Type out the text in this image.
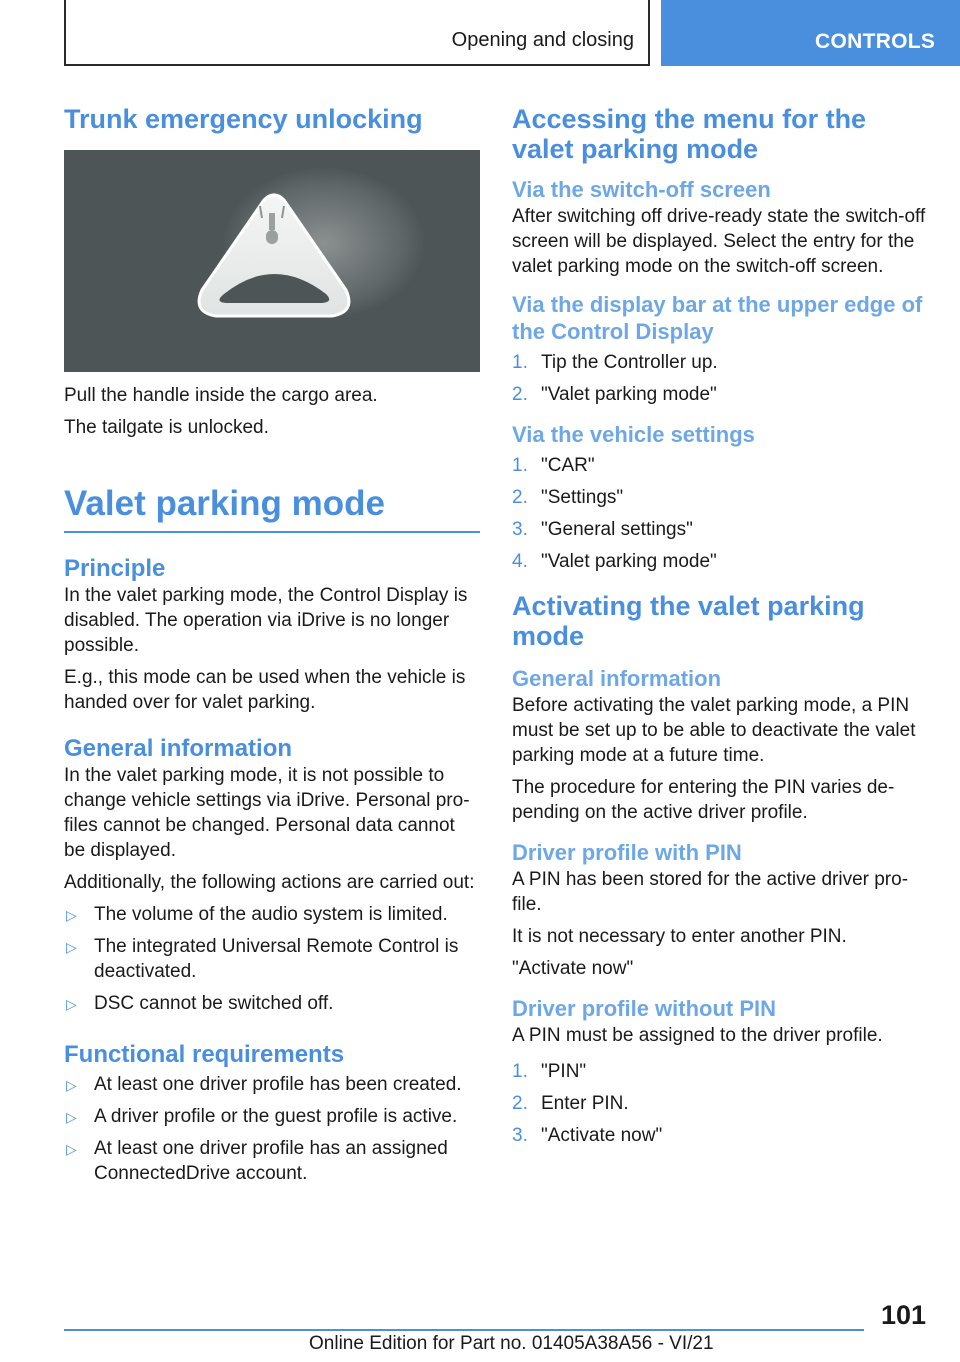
Opening and closing	CONTROLS
Trunk emergency unlocking

Pull the handle inside the cargo area.

The tailgate is unlocked.

Valet parking mode
Principle

In the valet parking mode, the Control Display is disabled. The operation via iDrive is no longer possible.

E.g., this mode can be used when the vehicle is handed over for valet parking.

General information

In the valet parking mode, it is not possible to change vehicle settings via iDrive. Personal pro-files cannot be changed. Personal data cannot be displayed.

Additionally, the following actions are carried out:

▷ The volume of the audio system is limited.
▷ The integrated Universal Remote Control is deactivated.
▷ DSC cannot be switched off.
Functional requirements
▷ At least one driver profile has been created.
▷ A driver profile or the guest profile is active.
▷ At least one driver profile has an assigned ConnectedDrive account.
Accessing the menu for the valet parking mode
Via the switch-off screen

After switching off drive-ready state the switch-off screen will be displayed. Select the entry for the valet parking mode on the switch-off screen.

Via the display bar at the upper edge of the Control Display
1. Tip the Controller up.
2. "Valet parking mode"
Via the vehicle settings
1. "CAR"
2. "Settings"
3. "General settings"
4. "Valet parking mode"
Activating the valet parking mode
General information

Before activating the valet parking mode, a PIN must be set up to be able to deactivate the valet parking mode at a future time.

The procedure for entering the PIN varies de-pending on the active driver profile.

Driver profile with PIN

A PIN has been stored for the active driver pro-file.

It is not necessary to enter another PIN.

"Activate now"

Driver profile without PIN

A PIN must be assigned to the driver profile.

1. "PIN"
2. Enter PIN.
3. "Activate now"
101
Online Edition for Part no. 01405A38A56 - VI/21
